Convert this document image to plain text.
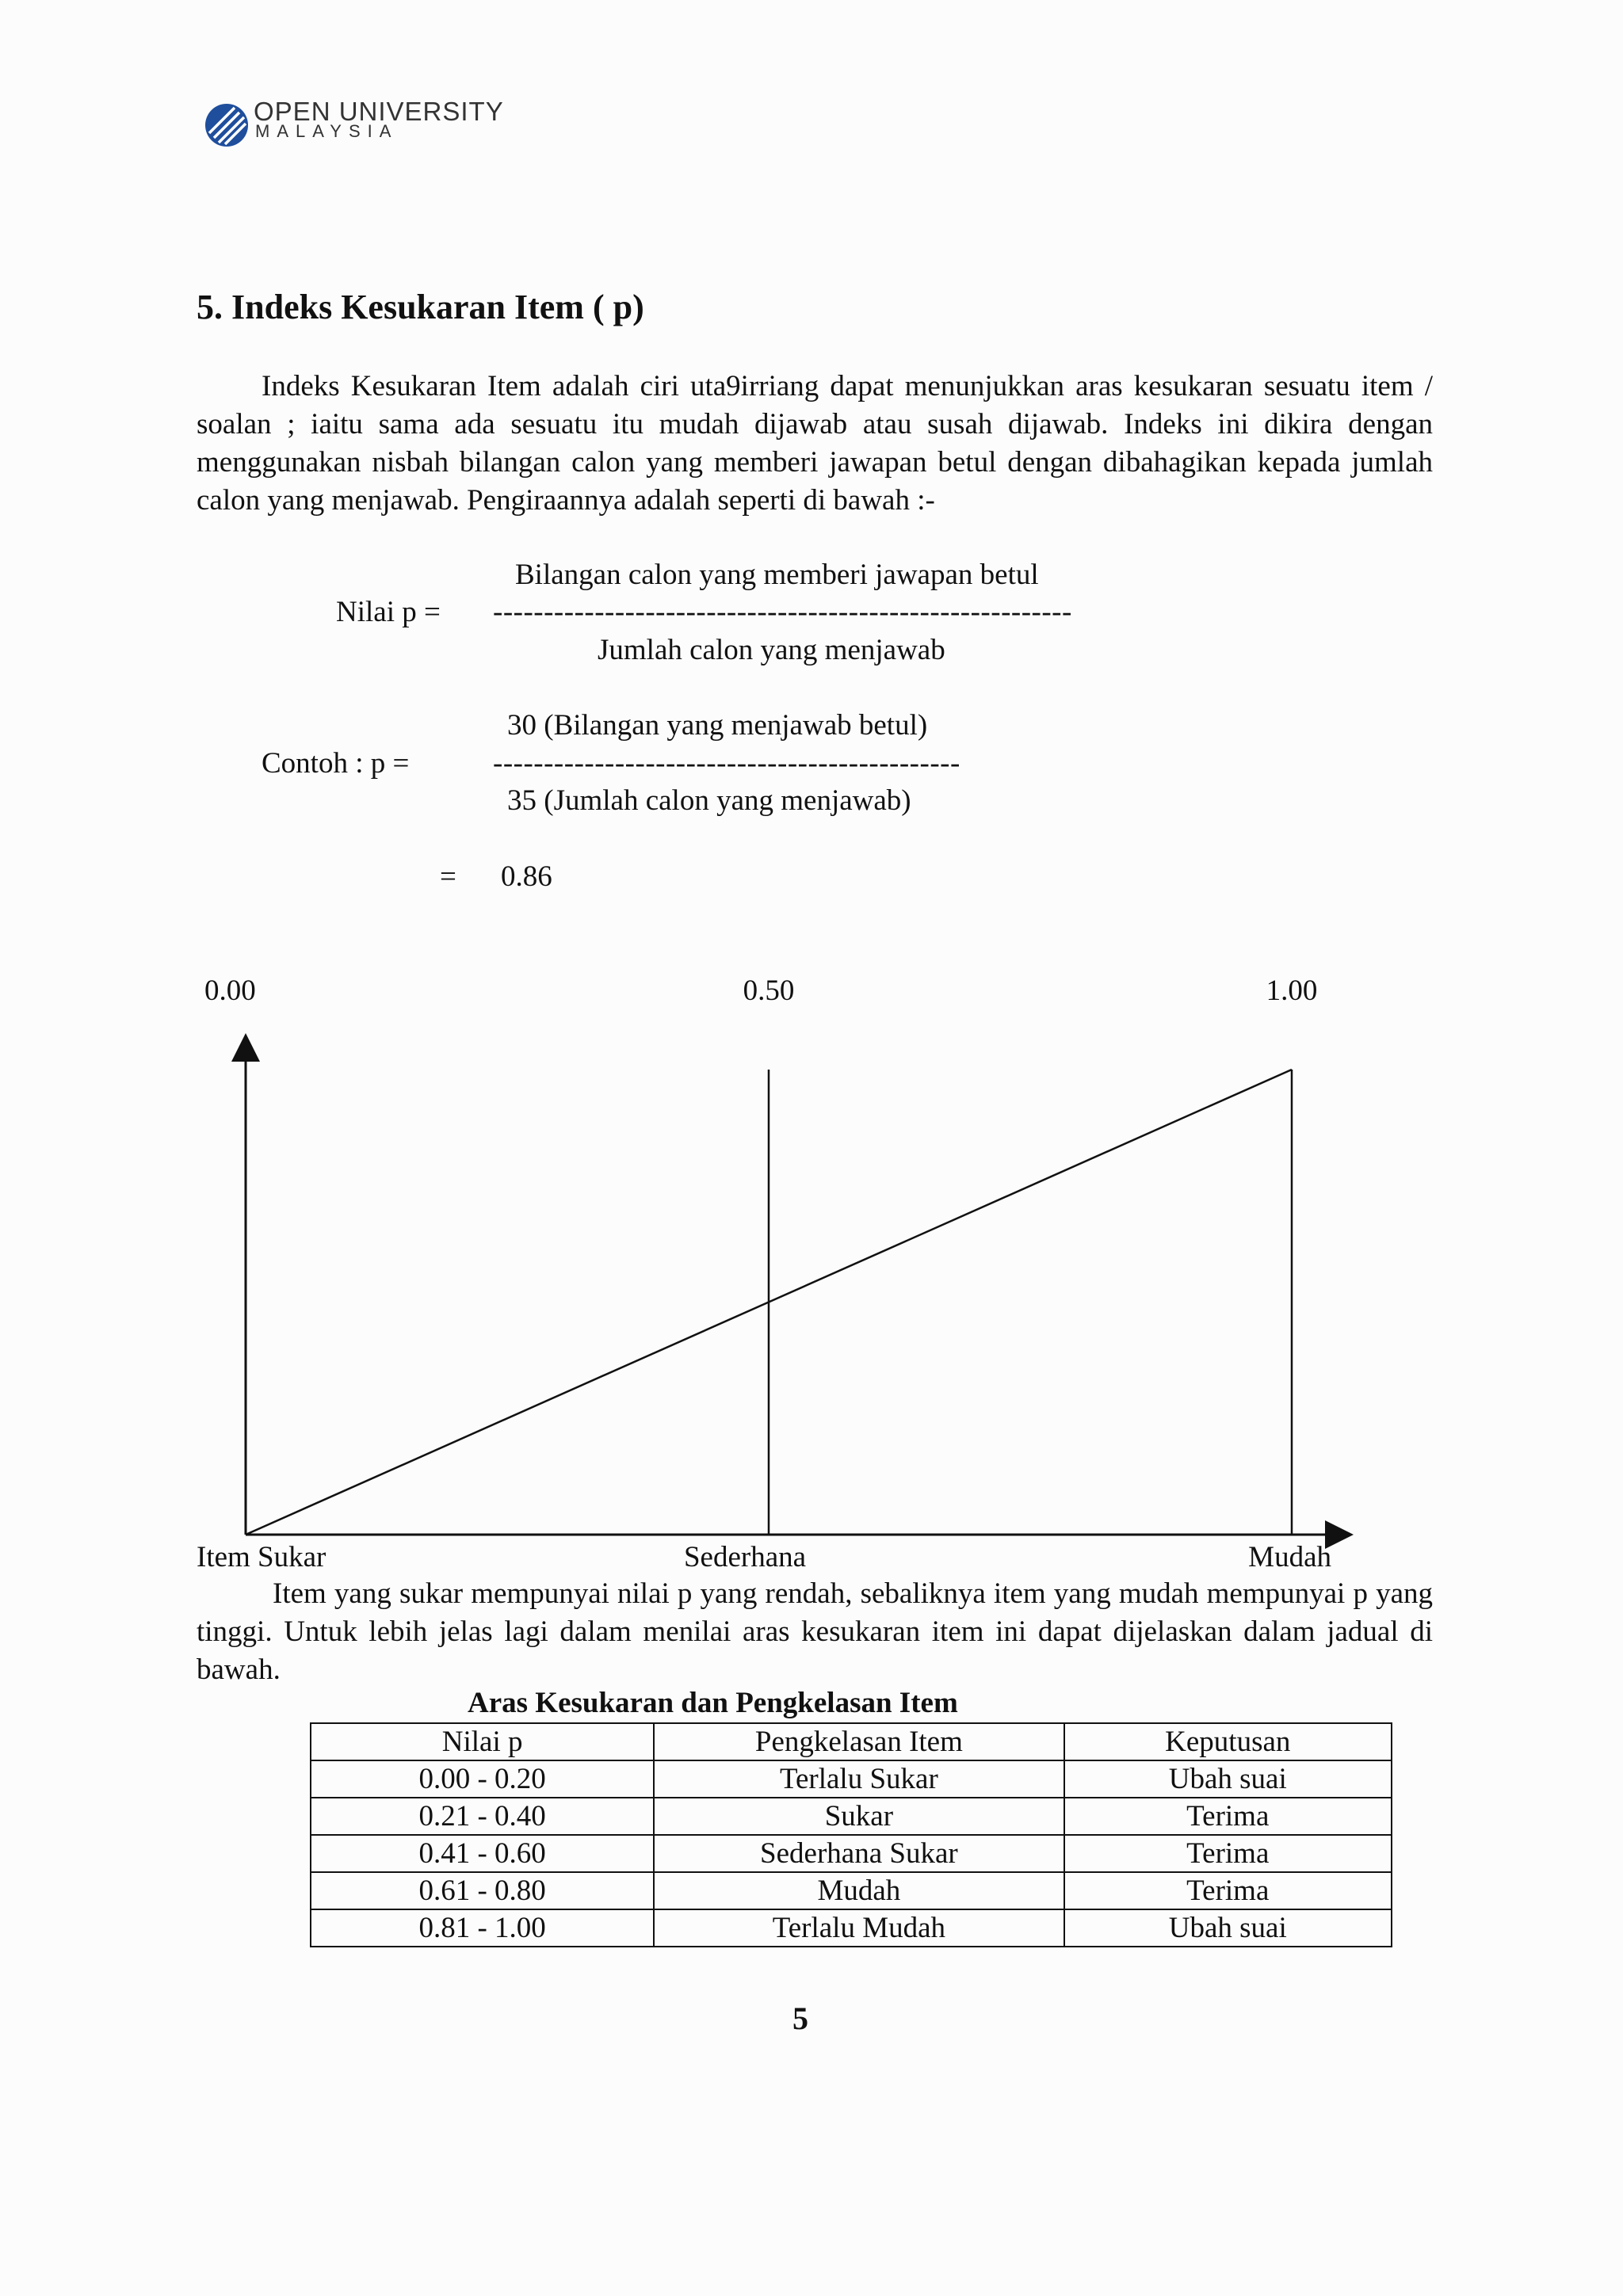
OPEN UNIVERSITY
MALAYSIA
5. Indeks Kesukaran Item ( p)
Indeks Kesukaran Item adalah ciri uta9irriang dapat menunjukkan aras kesukaran sesuatu item / soalan ; iaitu sama ada sesuatu itu mudah dijawab atau susah dijawab. Indeks ini dikira dengan menggunakan nisbah bilangan calon yang memberi jawapan betul dengan dibahagikan kepada jumlah calon yang menjawab. Pengiraannya adalah seperti di bawah :-
Bilangan calon yang memberi jawapan betul
Nilai p = ---------------------------------------------------------
Jumlah calon yang menjawab
30 (Bilangan yang menjawab betul)
Contoh : p =	----------------------------------------------
35 (Jumlah calon yang menjawab)
= 0.86
0.00	0.50	1.00
Item Sukar	Sederhana	Mudah
Item yang sukar mempunyai nilai p yang rendah, sebaliknya item yang mudah mempunyai p yang tinggi. Untuk lebih jelas lagi dalam menilai aras kesukaran item ini dapat dijelaskan dalam jadual di bawah.
Aras Kesukaran dan Pengkelasan Item
Nilai p	Pengkelasan Item	Keputusan
0.00 - 0.20	Terlalu Sukar	Ubah suai
0.21 - 0.40	Sukar	Terima
0.41 - 0.60	Sederhana Sukar	Terima
0.61 - 0.80	Mudah	Terima
0.81 - 1.00	Terlalu Mudah	Ubah suai
5
